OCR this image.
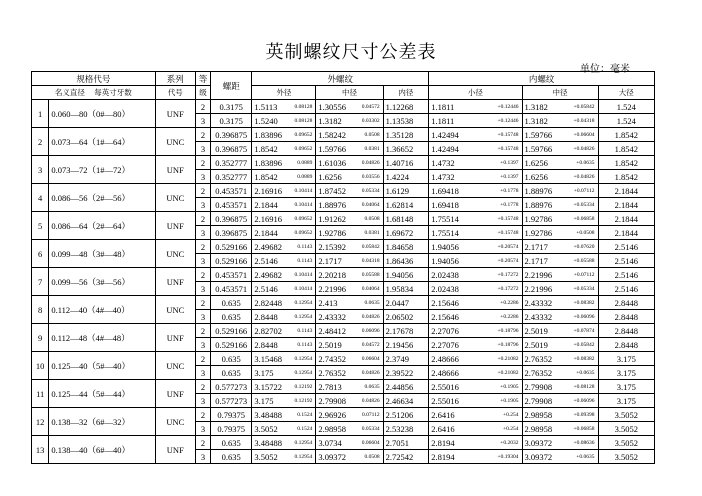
英制螺纹尺寸公差表
单位：毫米
规格代号		系列	等	螺距	外螺纹			内螺纹		
名义直径 每英寸牙数		代号	级		外径	中径	内径	小径	中径	大径
1	0.060—80（0#—80）	UNF	2	0.3175	1.5113 0.08128	1.30556 0.04572	1.12268	1.1811 +0.12446	1.3182 +0.05842	1.524
			3	0.3175	1.5240 0.08128	1.3182 0.03302	1.13538	1.1811 +0.12446	1.3182 +0.04318	1.524
2	0.073—64（1#—64）	UNC	2	0.396875	1.83896 0.09652	1.58242 0.0508	1.35128	1.42494 +0.15748	1.59766 +0.06604	1.8542
			3	0.396875	1.8542 0.09652	1.59766 0.0381	1.36652	1.42494 +0.15748	1.59766 +0.04826	1.8542
3	0.073—72（1#—72）	UNF	2	0.352777	1.83896 0.0889	1.61036 0.04826	1.40716	1.4732 +0.1397	1.6256 +0.0635	1.8542
			3	0.352777	1.8542 0.0889	1.6256 0.03556	1.4224	1.4732 +0.1397	1.6256 +0.04826	1.8542
4	0.086—56（2#—56）	UNC	2	0.453571	2.16916 0.10414	1.87452 0.05334	1.6129	1.69418 +0.1778	1.88976 +0.07112	2.1844
			3	0.453571	2.1844 0.10414	1.88976 0.04064	1.62814	1.69418 +0.1778	1.88976 +0.05334	2.1844
5	0.086—64（2#—64）	UNF	2	0.396875	2.16916 0.09652	1.91262 0.0508	1.68148	1.75514 +0.15748	1.92786 +0.06858	2.1844
			3	0.396875	2.1844 0.09652	1.92786 0.0381	1.69672	1.75514 +0.15748	1.92786 +0.0508	2.1844
6	0.099—48（3#—48）	UNC	2	0.529166	2.49682 0.1143	2.15392 0.05842	1.84658	1.94056 +0.20574	2.1717 +0.07620	2.5146
			3	0.529166	2.5146 0.1143	2.1717 0.04318	1.86436	1.94056 +0.20574	2.1717 +0.05588	2.5146
7	0.099—56（3#—56）	UNF	2	0.453571	2.49682 0.10414	2.20218 0.05588	1.94056	2.02438 +0.17272	2.21996 +0.07112	2.5146
			3	0.453571	2.5146 0.10414	2.21996 0.04064	1.95834	2.02438 +0.17272	2.21996 +0.05334	2.5146
8	0.112—40（4#—40）	UNC	2	0.635	2.82448 0.12954	2.413 0.0635	2.0447	2.15646 +0.2286	2.43332 +0.08382	2.8448
			3	0.635	2.8448 0.12954	2.43332 0.04826	2.06502	2.15646 +0.2286	2.43332 +0.06096	2.8448
9	0.112—48（4#—48）	UNF	2	0.529166	2.82702 0.1143	2.48412 0.06096	2.17678	2.27076 +0.18796	2.5019 +0.07874	2.8448
			3	0.529166	2.8448 0.1143	2.5019 0.04572	2.19456	2.27076 +0.18796	2.5019 +0.05842	2.8448
10	0.125—40（5#—40）	UNC	2	0.635	3.15468 0.12954	2.74352 0.06604	2.3749	2.48666 +0.21082	2.76352 +0.08382	3.175
			3	0.635	3.175 0.12954	2.76352 0.04826	2.39522	2.48666 +0.21082	2.76352 +0.0635	3.175
11	0.125—44（5#—44）	UNF	2	0.577273	3.15722 0.12192	2.7813 0.0635	2.44856	2.55016 +0.1905	2.79908 +0.08128	3.175
			3	0.577273	3.175 0.12192	2.79908 0.04826	2.46634	2.55016 +0.1905	2.79908 +0.06096	3.175
12	0.138—32（6#—32）	UNC	2	0.79375	3.48488 0.1524	2.96926 0.07112	2.51206	2.6416 +0.254	2.98958 +0.09398	3.5052
			3	0.79375	3.5052 0.1524	2.98958 0.05334	2.53238	2.6416 +0.254	2.98958 +0.06858	3.5052
13	0.138—40（6#—40）	UNF	2	0.635	3.48488 0.12954	3.0734 0.06604	2.7051	2.8194 +0.2032	3.09372 +0.08636	3.5052
			3	0.635	3.5052 0.12954	3.09372 0.0508	2.72542	2.8194 +0.19304	3.09372 +0.0635	3.5052
